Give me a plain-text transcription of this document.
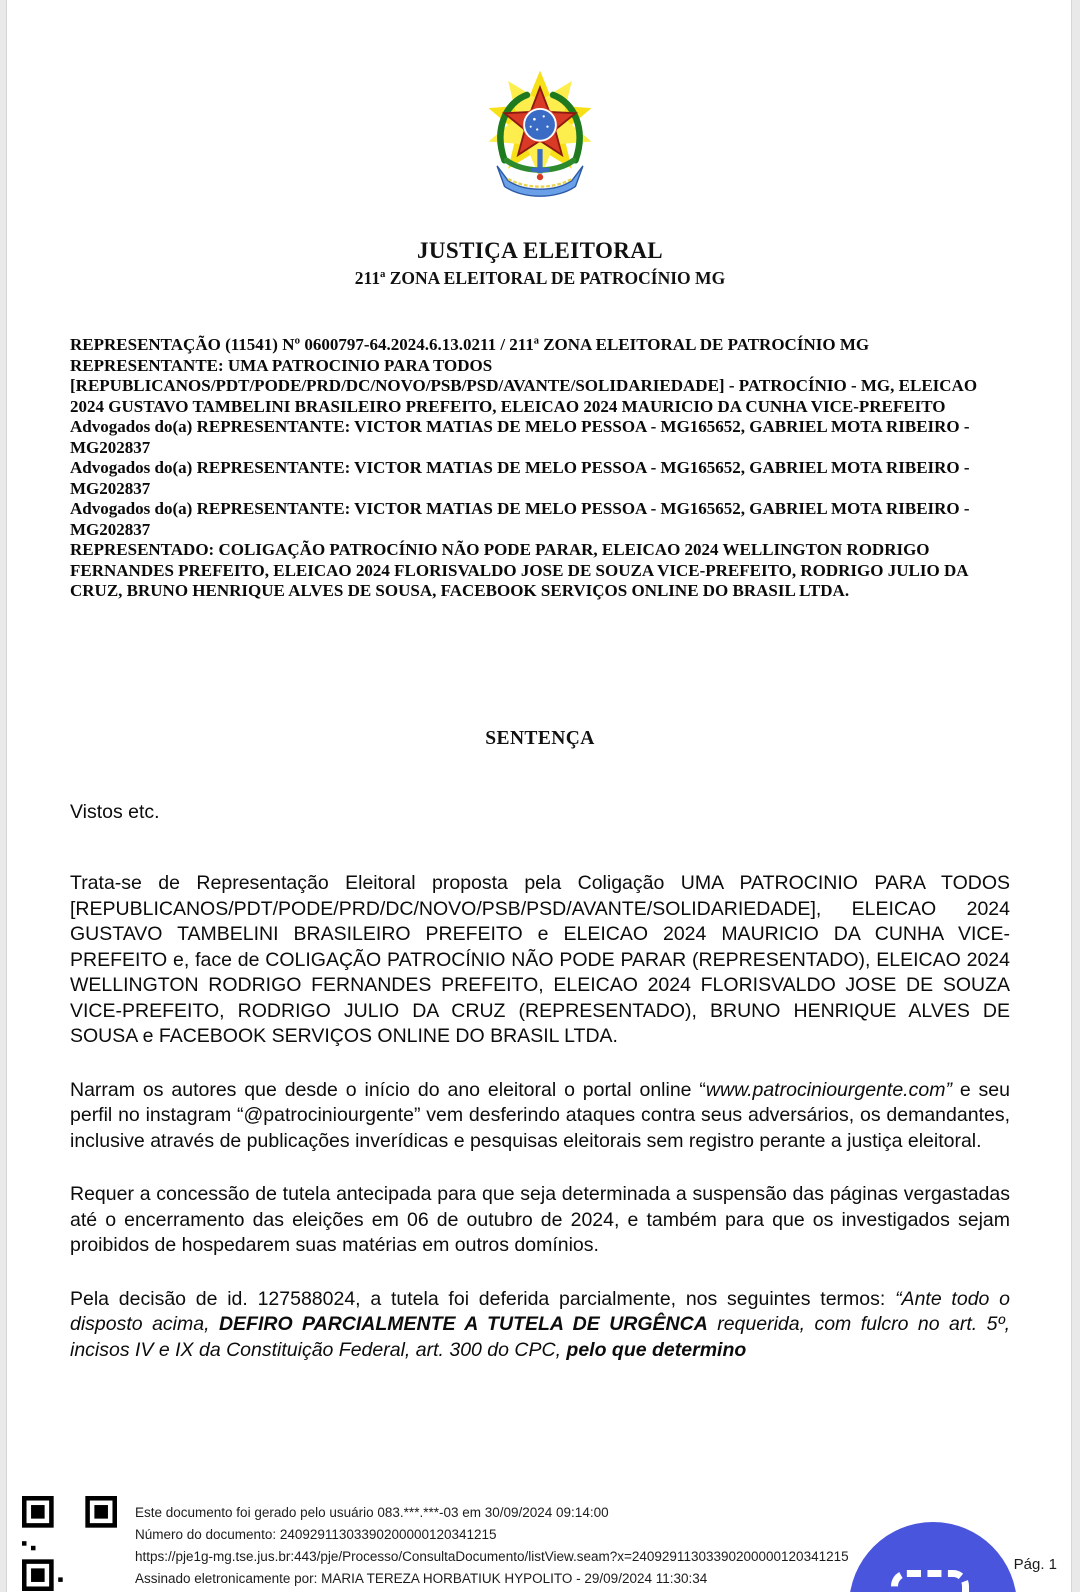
JUSTIÇA ELEITORAL
211ª ZONA ELEITORAL DE PATROCÍNIO MG
REPRESENTAÇÃO (11541) Nº 0600797-64.2024.6.13.0211 / 211ª ZONA ELEITORAL DE PATROCÍNIO MG
REPRESENTANTE: UMA PATROCINIO PARA TODOS
[REPUBLICANOS/PDT/PODE/PRD/DC/NOVO/PSB/PSD/AVANTE/SOLIDARIEDADE] - PATROCÍNIO - MG, ELEICAO 2024 GUSTAVO TAMBELINI BRASILEIRO PREFEITO, ELEICAO 2024 MAURICIO DA CUNHA VICE-PREFEITO
Advogados do(a) REPRESENTANTE: VICTOR MATIAS DE MELO PESSOA - MG165652, GABRIEL MOTA RIBEIRO - MG202837
Advogados do(a) REPRESENTANTE: VICTOR MATIAS DE MELO PESSOA - MG165652, GABRIEL MOTA RIBEIRO - MG202837
Advogados do(a) REPRESENTANTE: VICTOR MATIAS DE MELO PESSOA - MG165652, GABRIEL MOTA RIBEIRO - MG202837
REPRESENTADO: COLIGAÇÃO PATROCÍNIO NÃO PODE PARAR, ELEICAO 2024 WELLINGTON RODRIGO FERNANDES PREFEITO, ELEICAO 2024 FLORISVALDO JOSE DE SOUZA VICE-PREFEITO, RODRIGO JULIO DA CRUZ, BRUNO HENRIQUE ALVES DE SOUSA, FACEBOOK SERVIÇOS ONLINE DO BRASIL LTDA.
SENTENÇA

Vistos etc.

Trata-se de Representação Eleitoral proposta pela Coligação UMA PATROCINIO PARA TODOS [REPUBLICANOS/PDT/PODE/PRD/DC/NOVO/PSB/PSD/AVANTE/SOLIDARIEDADE], ELEICAO 2024 GUSTAVO TAMBELINI BRASILEIRO PREFEITO e ELEICAO 2024 MAURICIO DA CUNHA VICE-PREFEITO e, face de COLIGAÇÃO PATROCÍNIO NÃO PODE PARAR (REPRESENTADO), ELEICAO 2024 WELLINGTON RODRIGO FERNANDES PREFEITO, ELEICAO 2024 FLORISVALDO JOSE DE SOUZA VICE-PREFEITO, RODRIGO JULIO DA CRUZ (REPRESENTADO), BRUNO HENRIQUE ALVES DE SOUSA e FACEBOOK SERVIÇOS ONLINE DO BRASIL LTDA.

Narram os autores que desde o início do ano eleitoral o portal online “www.patrociniourgente.com” e seu perfil no instagram “@patrociniourgente” vem desferindo ataques contra seus adversários, os demandantes, inclusive através de publicações inverídicas e pesquisas eleitorais sem registro perante a justiça eleitoral.

Requer a concessão de tutela antecipada para que seja determinada a suspensão das páginas vergastadas até o encerramento das eleições em 06 de outubro de 2024, e também para que os investigados sejam proibidos de hospedarem suas matérias em outros domínios.

Pela decisão de id. 127588024, a tutela foi deferida parcialmente, nos seguintes termos: “Ante todo o disposto acima, DEFIRO PARCIALMENTE A TUTELA DE URGÊNCA requerida, com fulcro no art. 5º, incisos IV e IX da Constituição Federal, art. 300 do CPC, pelo que determino

Este documento foi gerado pelo usuário 083.***.***-03 em 30/09/2024 09:14:00
Número do documento: 24092911303390200000120341215
https://pje1g-mg.tse.jus.br:443/pje/Processo/ConsultaDocumento/listView.seam?x=24092911303390200000120341215
Assinado eletronicamente por: MARIA TEREZA HORBATIUK HYPOLITO - 29/09/2024 11:30:34
Pág. 1
